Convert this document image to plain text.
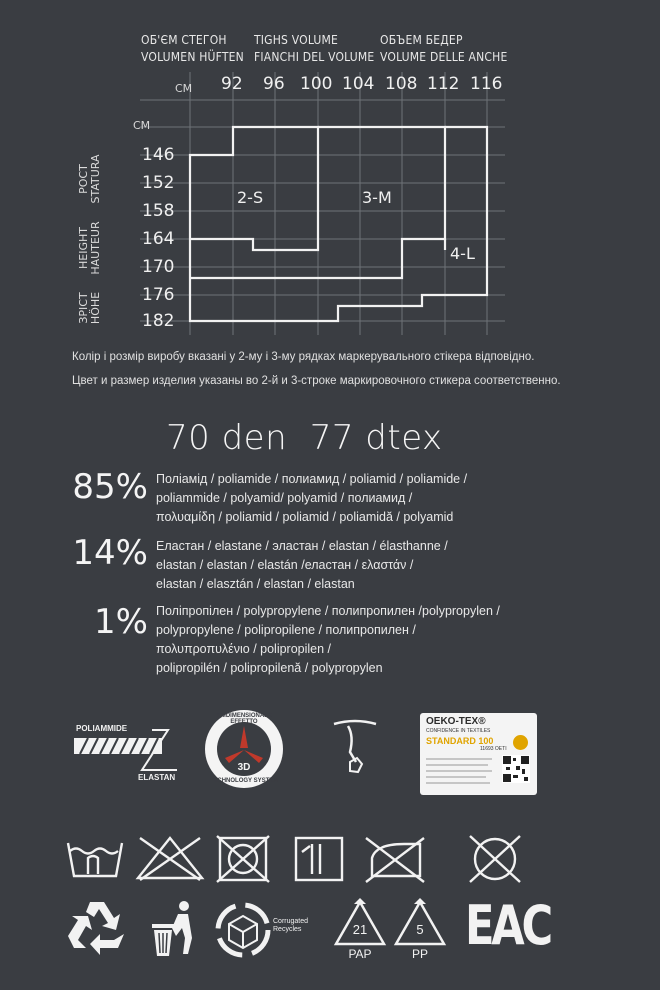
ОБ'ЄМ СТЕГОН
VOLUMEN HÜFTEN
TIGHS VOLUME
FIANCHI DEL VOLUME
ОБЪЕМ БЕДЕР
VOLUME DELLE ANCHE
СМ
СМ
92 96 100 104 108 112 116
146
152
158
164
170
176
182
РОСТ STATURA
HEIGHT HAUTEUR
ЗРІСТ HÖHE
2-S	3-M
4-L
Колір і розмір виробу вказані у 2-му і 3-му рядках маркерувального стікера відповідно.
Цвет и размер изделия указаны во 2-й и 3-строке маркировочного стикера соответственно.
70 den  77 dtex
85% Поліамід / poliamide / полиамид / poliamid / poliamide /
poliammide / polyamid/ polyamid / полиамид /
πολυαμίδη / poliamid / poliamid / poliamidă / polyamid
14% Еластан / elastane / эластан / elastan / élasthanne /
elastan / elastan / elastán /еластан / ελαστάν /
elastan / elasztán / elastan / elastan
1% Поліпропілен / polypropylene / полипропилен /polypropylen /
polypropylene / polipropilene / полипропилен /
πολυπροπυλένιο / polipropilen /
polipropilén / polipropilenă / polypropylen
POLIAMMIDE
ELASTAN
TRIDIMENSIONALE EFFETTO
TECHNOLOGY SYSTEM
3D
OEKO-TEX®
CONFIDENCE IN TEXTILES
STANDARD 100
11693 OETI
Corrugated
Recycles	21
PAP
5
PP EAC
